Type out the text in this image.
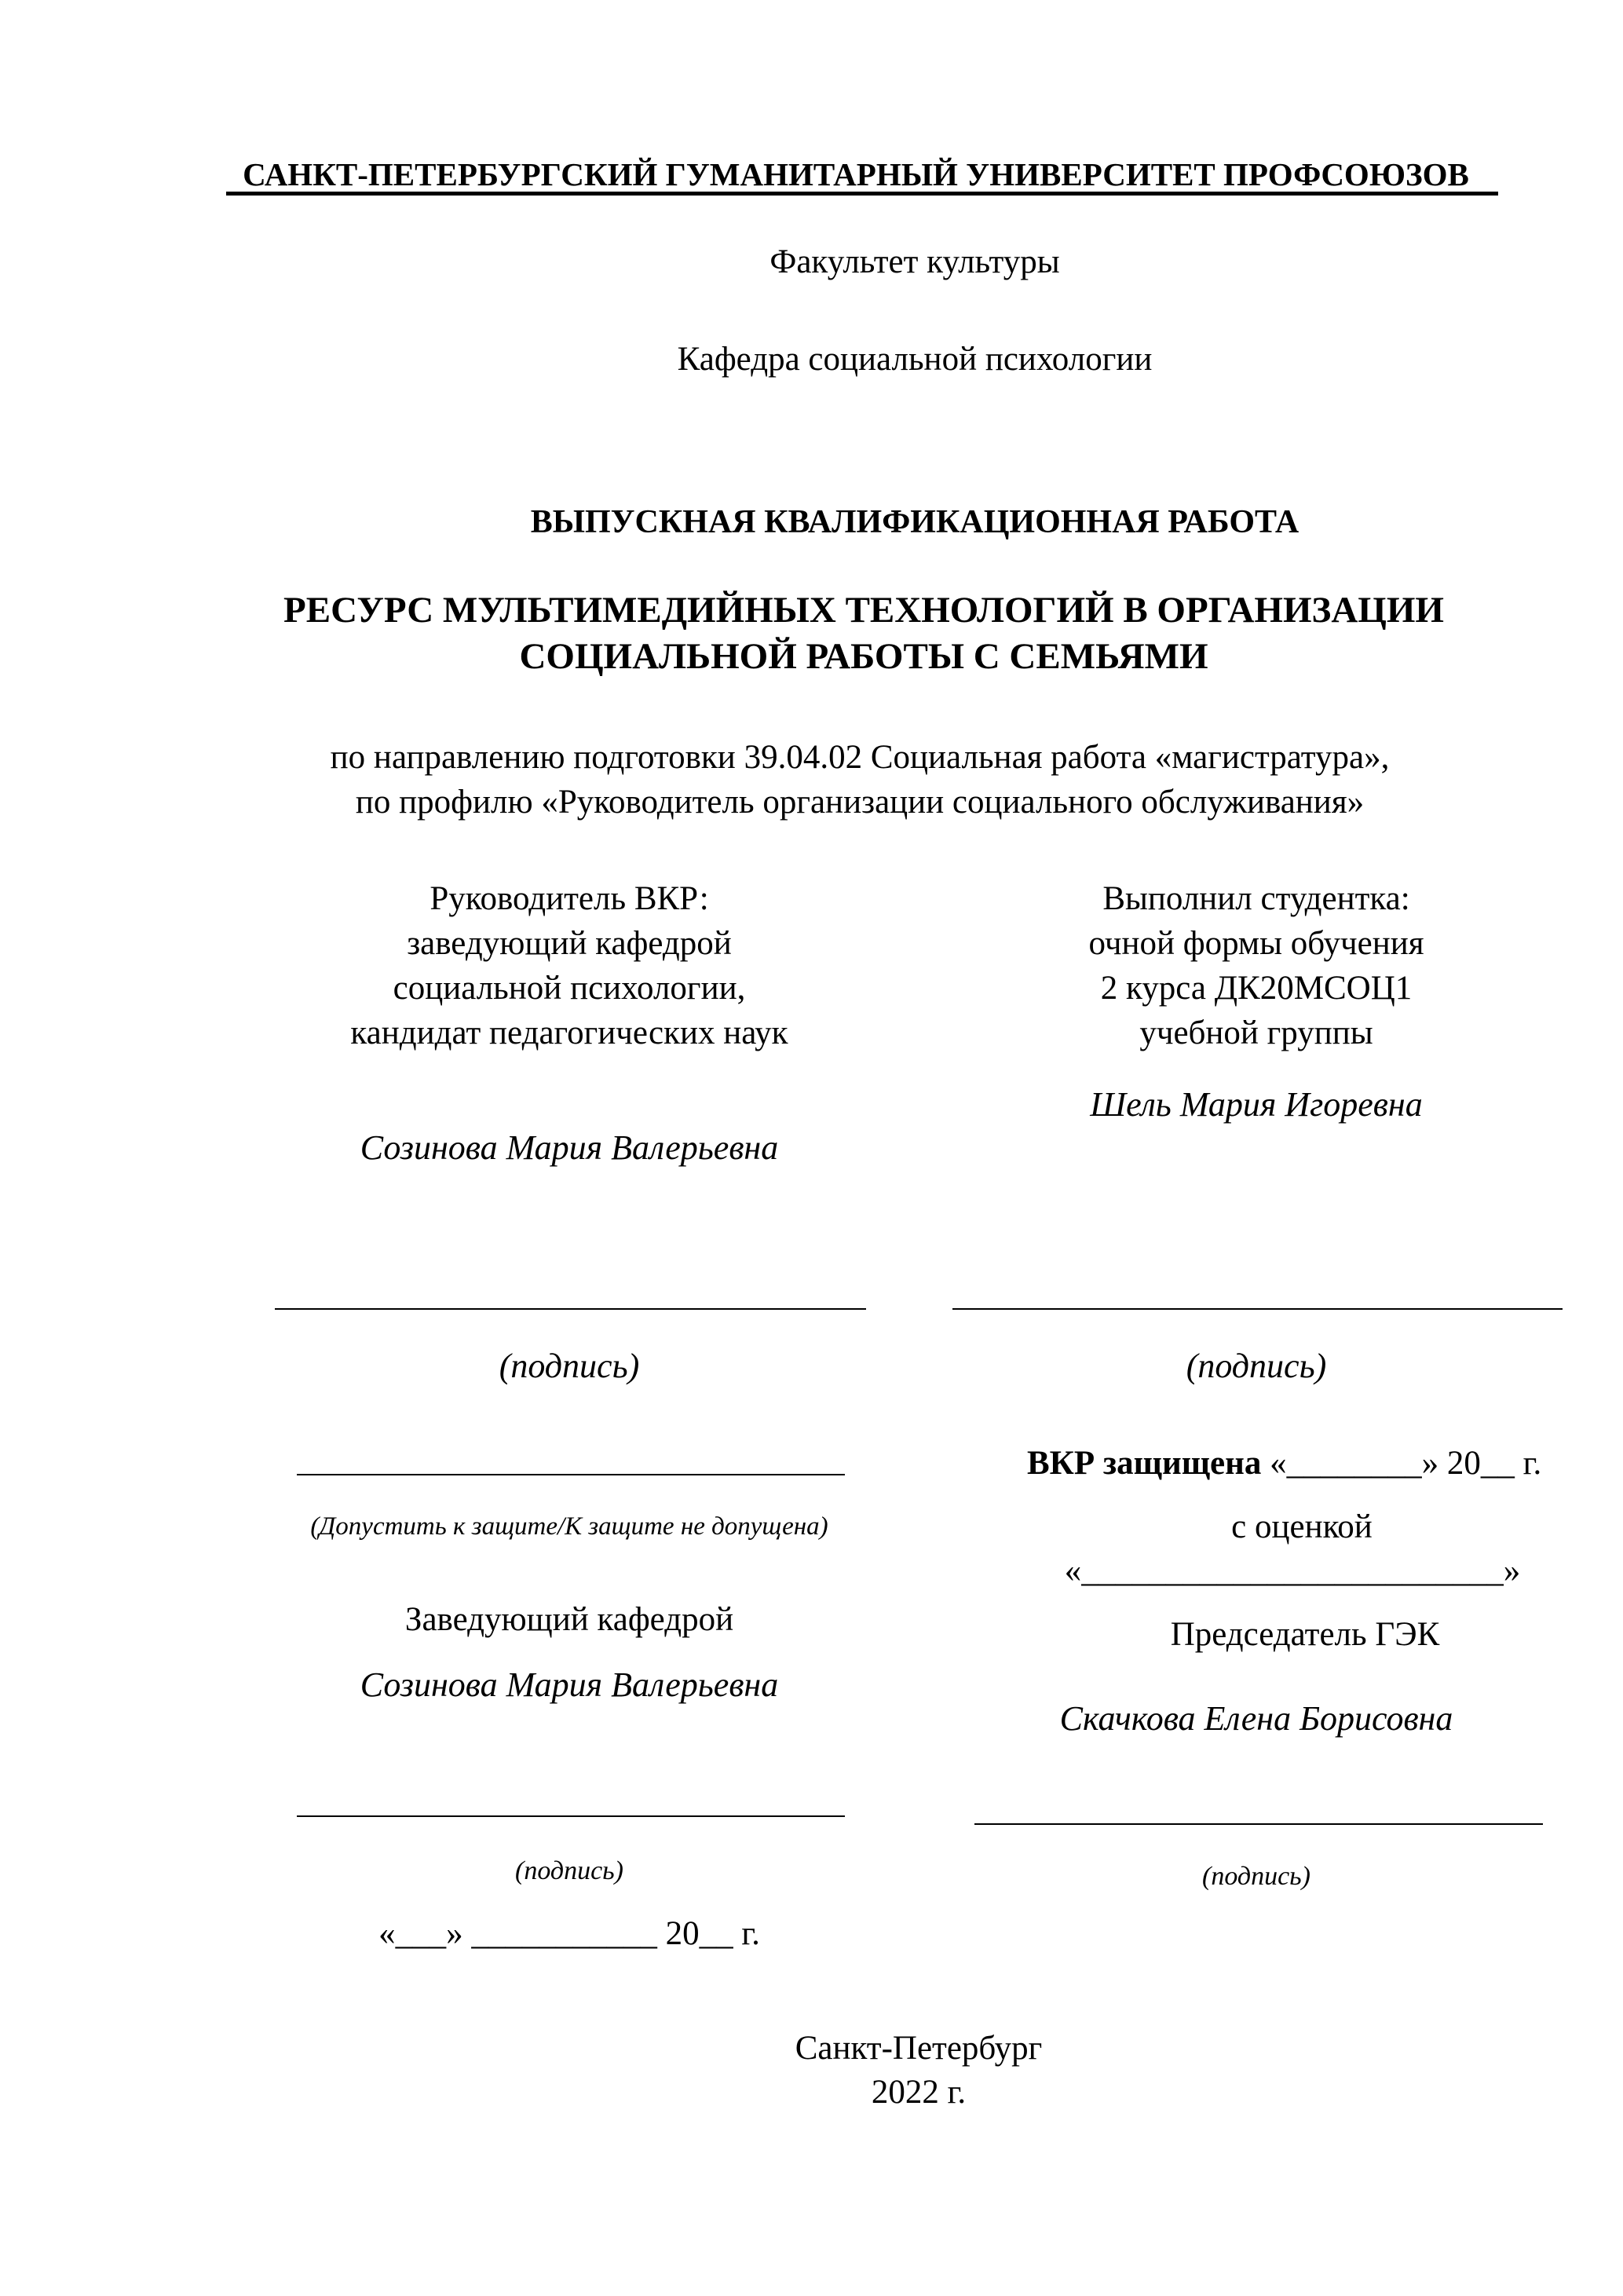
САНКТ-ПЕТЕРБУРГСКИЙ ГУМАНИТАРНЫЙ УНИВЕРСИТЕТ ПРОФСОЮЗОВ
Факультет культуры
Кафедра социальной психологии
ВЫПУСКНАЯ КВАЛИФИКАЦИОННАЯ РАБОТА
РЕСУРС МУЛЬТИМЕДИЙНЫХ ТЕХНОЛОГИЙ В ОРГАНИЗАЦИИ
СОЦИАЛЬНОЙ РАБОТЫ С СЕМЬЯМИ
по направлению подготовки 39.04.02 Социальная работа «магистратура»,
по профилю «Руководитель организации социального обслуживания»
Руководитель ВКР:
заведующий кафедрой
социальной психологии,
кандидат педагогических наук
Созинова Мария Валерьевна
Выполнил студентка:
очной формы обучения
2 курса ДК20МСОЦ1
учебной группы
Шель Мария Игоревна
(подпись)	(подпись)
(Допустить к защите/К защите не допущена)
ВКР защищена «________» 20__ г.
с оценкой
«_________________________»
Заведующий кафедрой
Созинова Мария Валерьевна
Председатель ГЭК
Скачкова Елена Борисовна
(подпись)	(подпись)
«___» ___________ 20__ г.
Санкт-Петербург
2022 г.
